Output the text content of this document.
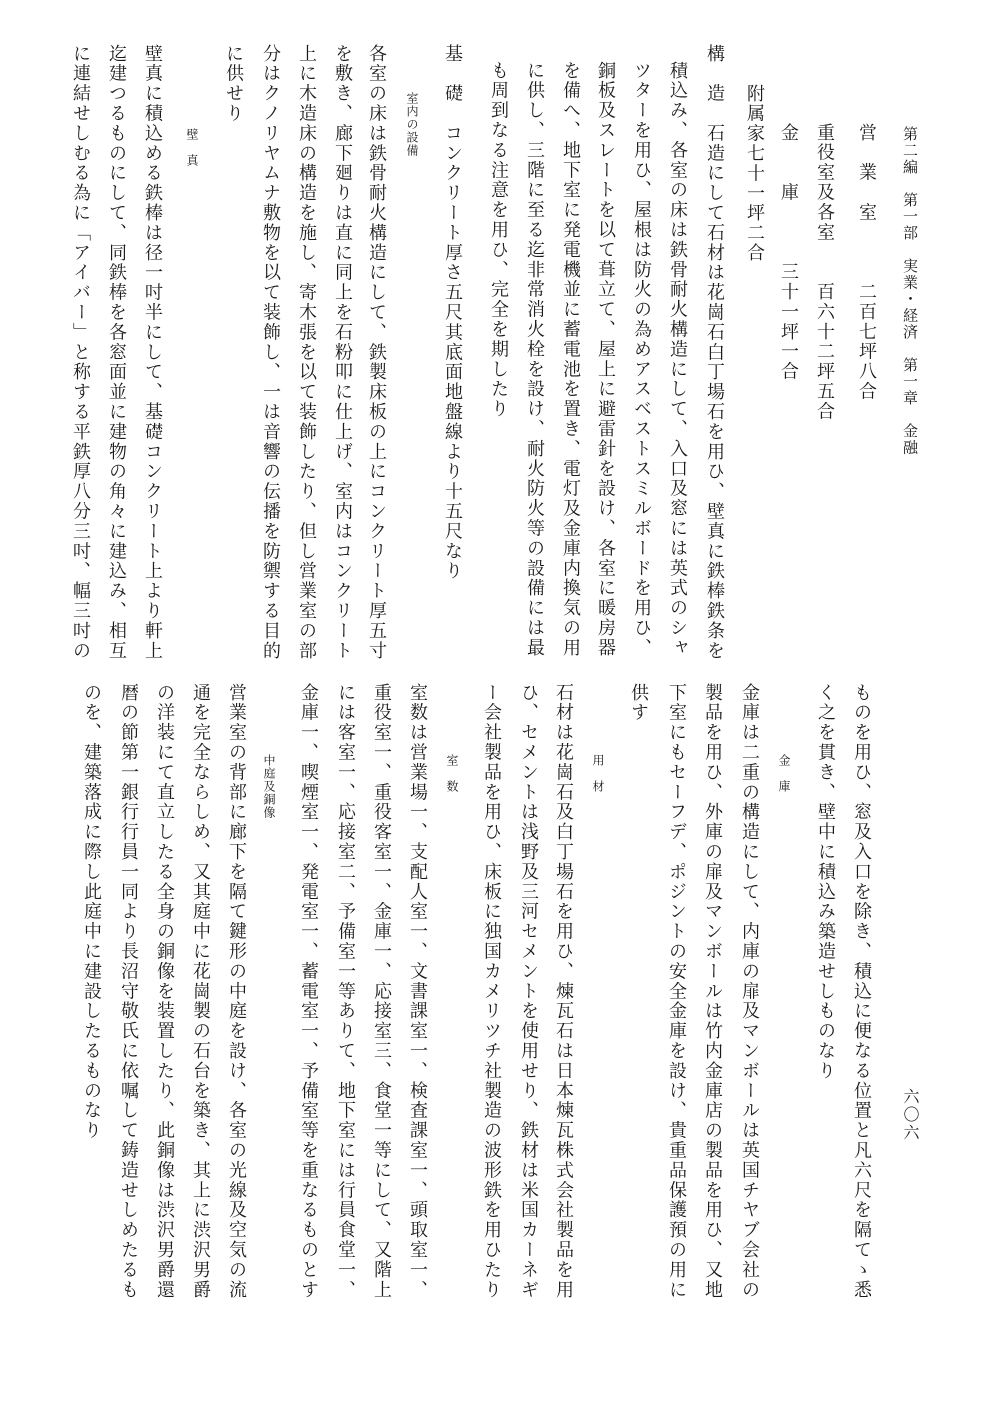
第二編　第一部　実業・経済　第一章　金融
六〇六
営　業　室　　　二百七坪八合
重役室及各室　　百六十二坪五合
金　　庫　　　三十一坪一合
附属家七十一坪二合
構　造　石造にして石材は花崗石白丁場石を用ひ、壁真に鉄棒鉄条を
積込み、各室の床は鉄骨耐火構造にして、入口及窓には英式のシャ
ツターを用ひ、屋根は防火の為めアスベストスミルボードを用ひ、
銅板及スレートを以て葺立て、屋上に避雷針を設け、各室に暖房器
を備へ、地下室に発電機並に蓄電池を置き、電灯及金庫内換気の用
に供し、三階に至る迄非常消火栓を設け、耐火防火等の設備には最
も周到なる注意を用ひ、完全を期したり
基　礎　コンクリート厚さ五尺其底面地盤線より十五尺なり
室内の設備
各室の床は鉄骨耐火構造にして、鉄製床板の上にコンクリート厚五寸
を敷き、廊下廻りは直に同上を石粉叩に仕上げ、室内はコンクリート
上に木造床の構造を施し、寄木張を以て装飾したり、但し営業室の部
分はクノリヤムナ敷物を以て装飾し、一は音響の伝播を防禦する目的
に供せり
壁　真
壁真に積込める鉄棒は径一吋半にして、基礎コンクリート上より軒上
迄建つるものにして、同鉄棒を各窓面並に建物の角々に建込み、相互
に連結せしむる為に「アイバー」と称する平鉄厚八分三吋、幅三吋の
ものを用ひ、窓及入口を除き、積込に便なる位置と凡六尺を隔てゝ悉
く之を貫き、壁中に積込み築造せしものなり
金　庫
金庫は二重の構造にして、内庫の扉及マンボールは英国チヤブ会社の
製品を用ひ、外庫の扉及マンボールは竹内金庫店の製品を用ひ、又地
下室にもセーフデ、ポジントの安全金庫を設け、貴重品保護預の用に
供す
用　材
石材は花崗石及白丁場石を用ひ、煉瓦石は日本煉瓦株式会社製品を用
ひ、セメントは浅野及三河セメントを使用せり、鉄材は米国カーネギ
ー会社製品を用ひ、床板に独国カメリツチ社製造の波形鉄を用ひたり
室　数
室数は営業場一、支配人室一、文書課室一、検査課室一、頭取室一、
重役室一、重役客室一、金庫一、応接室三、食堂一等にして、又階上
には客室一、応接室二、予備室一等ありて、地下室には行員食堂一、
金庫一、喫煙室一、発電室一、蓄電室一、予備室等を重なるものとす
中庭及銅像
営業室の背部に廊下を隔て鍵形の中庭を設け、各室の光線及空気の流
通を完全ならしめ、又其庭中に花崗製の石台を築き、其上に渋沢男爵
の洋装にて直立したる全身の銅像を装置したり、此銅像は渋沢男爵還
暦の節第一銀行行員一同より長沼守敬氏に依嘱して鋳造せしめたるも
のを、建築落成に際し此庭中に建設したるものなり
